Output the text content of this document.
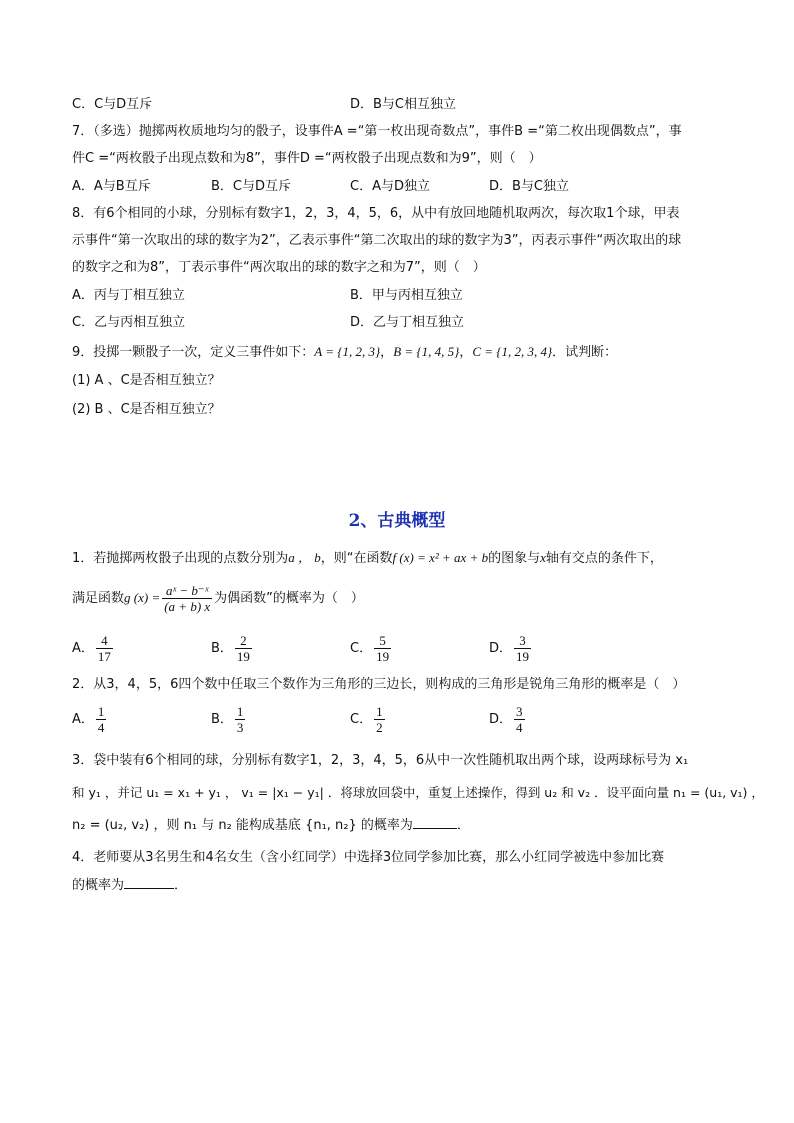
C．C与D互斥	D．B与C相互独立
7．（多选）抛掷两枚质地均匀的骰子，设事件A =“第一枚出现奇数点”，事件B =“第二枚出现偶数点”，事
件C =“两枚骰子出现点数和为8”，事件D =“两枚骰子出现点数和为9”，则（　）
A．A与B互斥	B．C与D互斥	C．A与D独立	D．B与C独立
8．有6个相同的小球，分别标有数字1，2，3，4，5，6，从中有放回地随机取两次，每次取1个球，甲表
示事件“第一次取出的球的数字为2”，乙表示事件“第二次取出的球的数字为3”，丙表示事件“两次取出的球
的数字之和为8”，丁表示事件“两次取出的球的数字之和为7”，则（　）
A．丙与丁相互独立	B．甲与丙相互独立
C．乙与丙相互独立	D．乙与丁相互独立
9．投掷一颗骰子一次，定义三事件如下：A = {1, 2, 3}，B = {1, 4, 5}，C = {1, 2, 3, 4}．试判断：
(1) A 、C是否相互独立？
(2) B 、C是否相互独立？
2、古典概型
1．若抛掷两枚骰子出现的点数分别为a ， b，则“在函数f (x) = x² + ax + b的图象与x轴有交点的条件下，
满足函数g $(x) = \frac{\text{aˣ − b⁻ˣ}}{(a + b) x}$ 为偶函数”的概率为（　）
A． $\frac{4}{17}$	B． $\frac{2}{19}$	C． $\frac{5}{19}$	D． $\frac{3}{19}$
2．从3，4，5，6四个数中任取三个数作为三角形的三边长，则构成的三角形是锐角三角形的概率是（　）
A． $\frac{1}{4}$	B． $\frac{1}{3}$	C． $\frac{1}{2}$	D． $\frac{3}{4}$
3．袋中装有6个相同的球，分别标有数字1，2，3，4，5，6从中一次性随机取出两个球，设两球标号为 x₁
和 y₁ ，并记 u₁ = x₁ + y₁ ， v₁ = |x₁ − y₁| ．将球放回袋中，重复上述操作，得到 u₂ 和 v₂ ．设平面向量 n₁ = (u₁, v₁) ，
n₂ = (u₂, v₂) ，则 n₁ 与 n₂ 能构成基底 {n₁, n₂} 的概率为	．
4．老师要从3名男生和4名女生（含小红同学）中选择3位同学参加比赛，那么小红同学被选中参加比赛
的概率为	．
